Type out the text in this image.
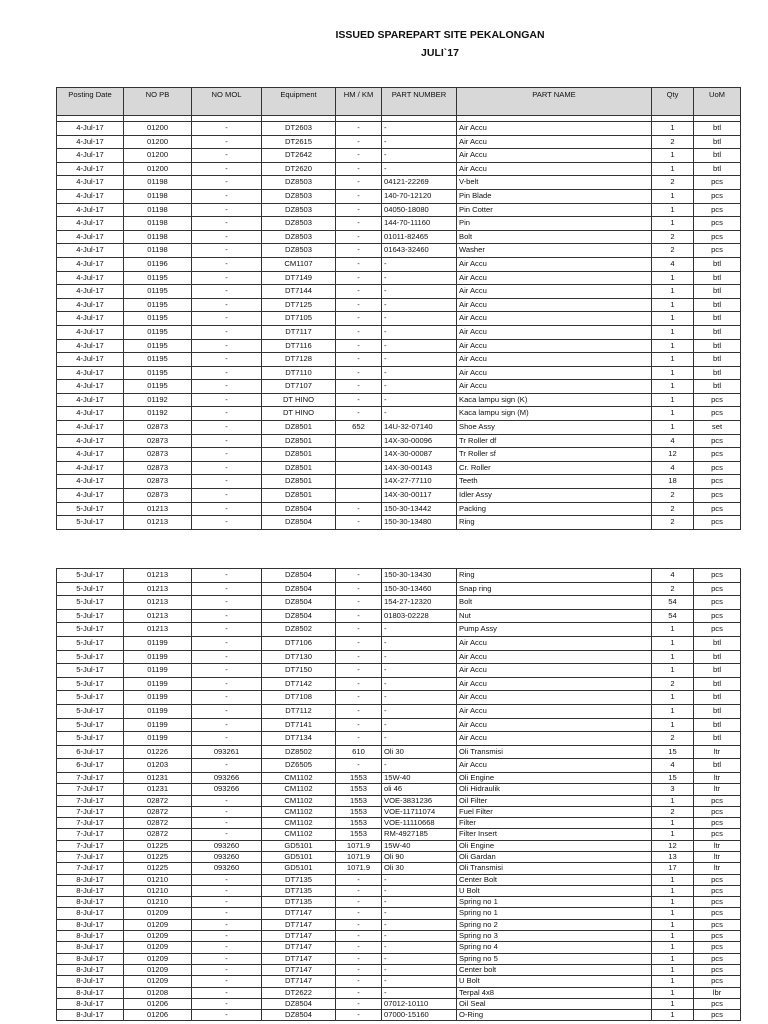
ISSUED SPAREPART SITE PEKALONGAN
JULI`17
Posting Date	NO PB	NO MOL	Equipment	HM / KM	PART NUMBER	PART NAME	Qty	UoM

4-Jul-17	01200	-	DT2603	-	-	Air Accu	1	btl
4-Jul-17	01200	-	DT2615	-	-	Air Accu	2	btl
4-Jul-17	01200	-	DT2642	-	-	Air Accu	1	btl
4-Jul-17	01200	-	DT2620	-	-	Air Accu	1	btl
4-Jul-17	01198	-	DZ8503	-	04121-22269	V-belt	2	pcs
4-Jul-17	01198	-	DZ8503	-	140-70-12120	Pin Blade	1	pcs
4-Jul-17	01198	-	DZ8503	-	04050-18080	Pin Cotter	1	pcs
4-Jul-17	01198	-	DZ8503	-	144-70-11160	Pin	1	pcs
4-Jul-17	01198	-	DZ8503	-	01011-82465	Bolt	2	pcs
4-Jul-17	01198	-	DZ8503	-	01643-32460	Washer	2	pcs
4-Jul-17	01196	-	CM1107	-	-	Air Accu	4	btl
4-Jul-17	01195	-	DT7149	-	-	Air Accu	1	btl
4-Jul-17	01195	-	DT7144	-	-	Air Accu	1	btl
4-Jul-17	01195	-	DT7125	-	-	Air Accu	1	btl
4-Jul-17	01195	-	DT7105	-	-	Air Accu	1	btl
4-Jul-17	01195	-	DT7117	-	-	Air Accu	1	btl
4-Jul-17	01195	-	DT7116	-	-	Air Accu	1	btl
4-Jul-17	01195	-	DT7128	-	-	Air Accu	1	btl
4-Jul-17	01195	-	DT7110	-	-	Air Accu	1	btl
4-Jul-17	01195	-	DT7107	-	-	Air Accu	1	btl
4-Jul-17	01192	-	DT HINO	-	-	Kaca lampu sign (K)	1	pcs
4-Jul-17	01192	-	DT HINO	-	-	Kaca lampu sign (M)	1	pcs
4-Jul-17	02873	-	DZ8501	652	14U-32-07140	Shoe Assy	1	set
4-Jul-17	02873	-	DZ8501		14X-30-00096	Tr Roller df	4	pcs
4-Jul-17	02873	-	DZ8501		14X-30-00087	Tr Roller sf	12	pcs
4-Jul-17	02873	-	DZ8501		14X-30-00143	Cr. Roller	4	pcs
4-Jul-17	02873	-	DZ8501		14X-27-77110	Teeth	18	pcs
4-Jul-17	02873	-	DZ8501		14X-30-00117	Idler Assy	2	pcs
5-Jul-17	01213	-	DZ8504	-	150-30-13442	Packing	2	pcs
5-Jul-17	01213	-	DZ8504	-	150-30-13480	Ring	2	pcs
5-Jul-17	01213	-	DZ8504	-	150-30-13430	Ring	4	pcs
5-Jul-17	01213	-	DZ8504	-	150-30-13460	Snap ring	2	pcs
5-Jul-17	01213	-	DZ8504	-	154-27-12320	Bolt	54	pcs
5-Jul-17	01213	-	DZ8504	-	01803-02228	Nut	54	pcs
5-Jul-17	01213	-	DZ8502	-	-	Pump Assy	1	pcs
5-Jul-17	01199	-	DT7106	-	-	Air Accu	1	btl
5-Jul-17	01199	-	DT7130	-	-	Air Accu	1	btl
5-Jul-17	01199	-	DT7150	-	-	Air Accu	1	btl
5-Jul-17	01199	-	DT7142	-	-	Air Accu	2	btl
5-Jul-17	01199	-	DT7108	-	-	Air Accu	1	btl
5-Jul-17	01199	-	DT7112	-	-	Air Accu	1	btl
5-Jul-17	01199	-	DT7141	-	-	Air Accu	1	btl
5-Jul-17	01199	-	DT7134	-	-	Air Accu	2	btl
6-Jul-17	01226	093261	DZ8502	610	Oli 30	Oli Transmisi	15	ltr
6-Jul-17	01203	-	DZ6505	-	-	Air Accu	4	btl
7-Jul-17	01231	093266	CM1102	1553	15W-40	Oli Engine	15	ltr
7-Jul-17	01231	093266	CM1102	1553	oli 46	Oli Hidraulik	3	ltr
7-Jul-17	02872	-	CM1102	1553	VOE-3831236	Oil Filter	1	pcs
7-Jul-17	02872	-	CM1102	1553	VOE-11711074	Fuel Filter	2	pcs
7-Jul-17	02872	-	CM1102	1553	VOE-11110668	Filter	1	pcs
7-Jul-17	02872	-	CM1102	1553	RM-4927185	Filter Insert	1	pcs
7-Jul-17	01225	093260	GD5101	1071.9	15W-40	Oli Engine	12	ltr
7-Jul-17	01225	093260	GD5101	1071.9	Oli 90	Oli Gardan	13	ltr
7-Jul-17	01225	093260	GD5101	1071.9	Oli 30	Oli Transmisi	17	ltr
8-Jul-17	01210	-	DT7135	-	-	Center Bolt	1	pcs
8-Jul-17	01210	-	DT7135	-	-	U Bolt	1	pcs
8-Jul-17	01210	-	DT7135	-	-	Spring no 1	1	pcs
8-Jul-17	01209	-	DT7147	-	-	Spring no 1	1	pcs
8-Jul-17	01209	-	DT7147	-	-	Spring no 2	1	pcs
8-Jul-17	01209	-	DT7147	-	-	Spring no 3	1	pcs
8-Jul-17	01209	-	DT7147	-	-	Spring no 4	1	pcs
8-Jul-17	01209	-	DT7147	-	-	Spring no 5	1	pcs
8-Jul-17	01209	-	DT7147	-	-	Center bolt	1	pcs
8-Jul-17	01209	-	DT7147	-	-	U Bolt	1	pcs
8-Jul-17	01208	-	DT2622	-	-	Terpal 4x8	1	lbr
8-Jul-17	01206	-	DZ8504	-	07012-10110	Oil Seal	1	pcs
8-Jul-17	01206	-	DZ8504	-	07000-15160	O-Ring	1	pcs
